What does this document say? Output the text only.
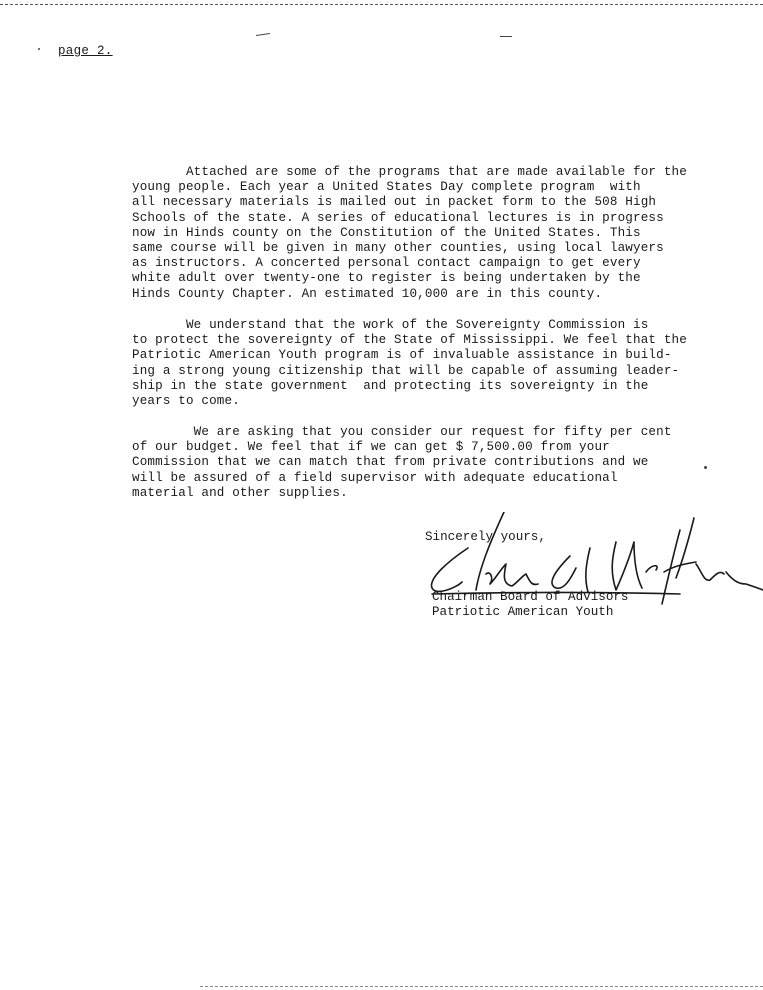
page 2.

Attached are some of the programs that are made available for the
young people. Each year a United States Day complete program  with
all necessary materials is mailed out in packet form to the 508 High
Schools of the state. A series of educational lectures is in progress
now in Hinds county on the Constitution of the United States. This
same course will be given in many other counties, using local lawyers
as instructors. A concerted personal contact campaign to get every
white adult over twenty-one to register is being undertaken by the
Hinds County Chapter. An estimated 10,000 are in this county.

We understand that the work of the Sovereignty Commission is
to protect the sovereignty of the State of Mississippi. We feel that the
Patriotic American Youth program is of invaluable assistance in build-
ing a strong young citizenship that will be capable of assuming leader-
ship in the state government  and protecting its sovereignty in the
years to come.

We are asking that you consider our request for fifty per cent
of our budget. We feel that if we can get $ 7,500.00 from your
Commission that we can match that from private contributions and we
will be assured of a field supervisor with adequate educational
material and other supplies.

Sincerely yours,
Chairman Board of Advisors
Patriotic American Youth
